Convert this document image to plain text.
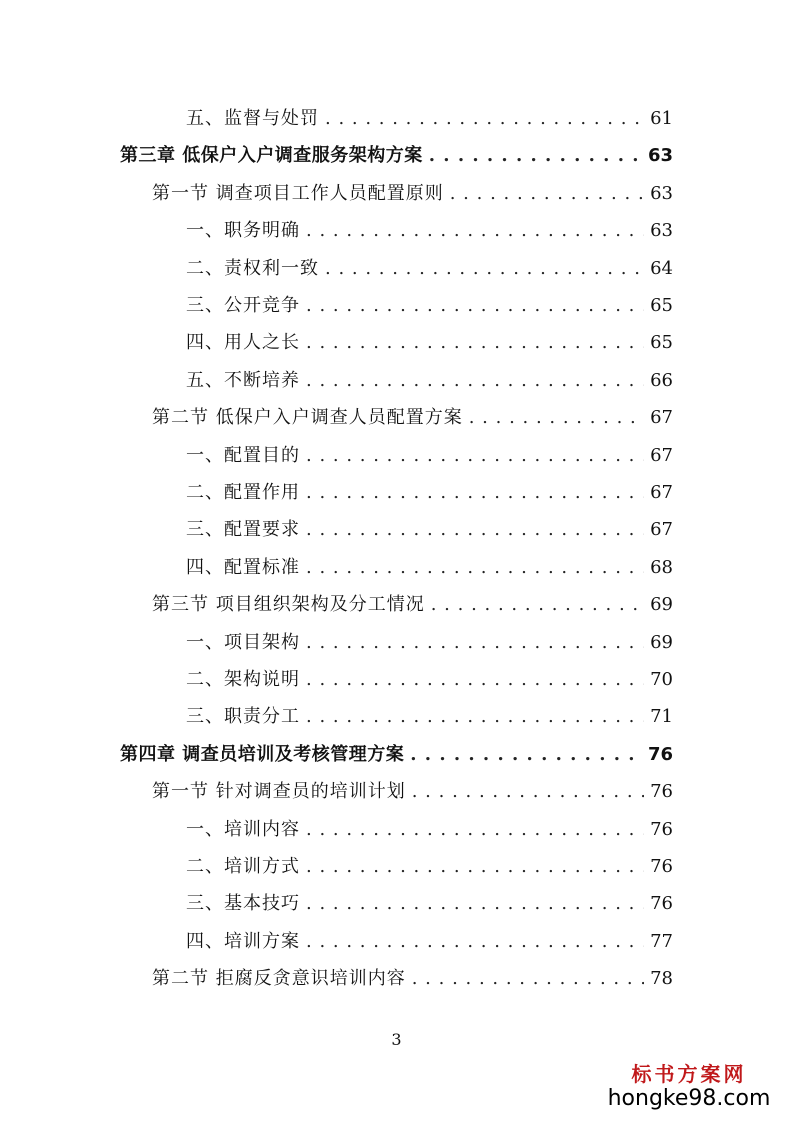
五、监督与处罚 . . .	61
第三章 低保户入户调查服务架构方案 . . .	63
第一节 调查项目工作人员配置原则 . . .	63
一、职务明确 . . .	63
二、责权利一致 . . .	64
三、公开竞争 . . .	65
四、用人之长 . . .	65
五、不断培养 . . .	66
第二节 低保户入户调查人员配置方案 . . .	67
一、配置目的 . . .	67
二、配置作用 . . .	67
三、配置要求 . . .	67
四、配置标准 . . .	68
第三节 项目组织架构及分工情况 . . .	69
一、项目架构 . . .	69
二、架构说明 . . .	70
三、职责分工 . . .	71
第四章 调查员培训及考核管理方案 . . .	76
第一节 针对调查员的培训计划 . . .	76
一、培训内容 . . .	76
二、培训方式 . . .	76
三、基本技巧 . . .	76
四、培训方案 . . .	77
第二节 拒腐反贪意识培训内容 . . .	78
3
标书方案网
hongke98.com
